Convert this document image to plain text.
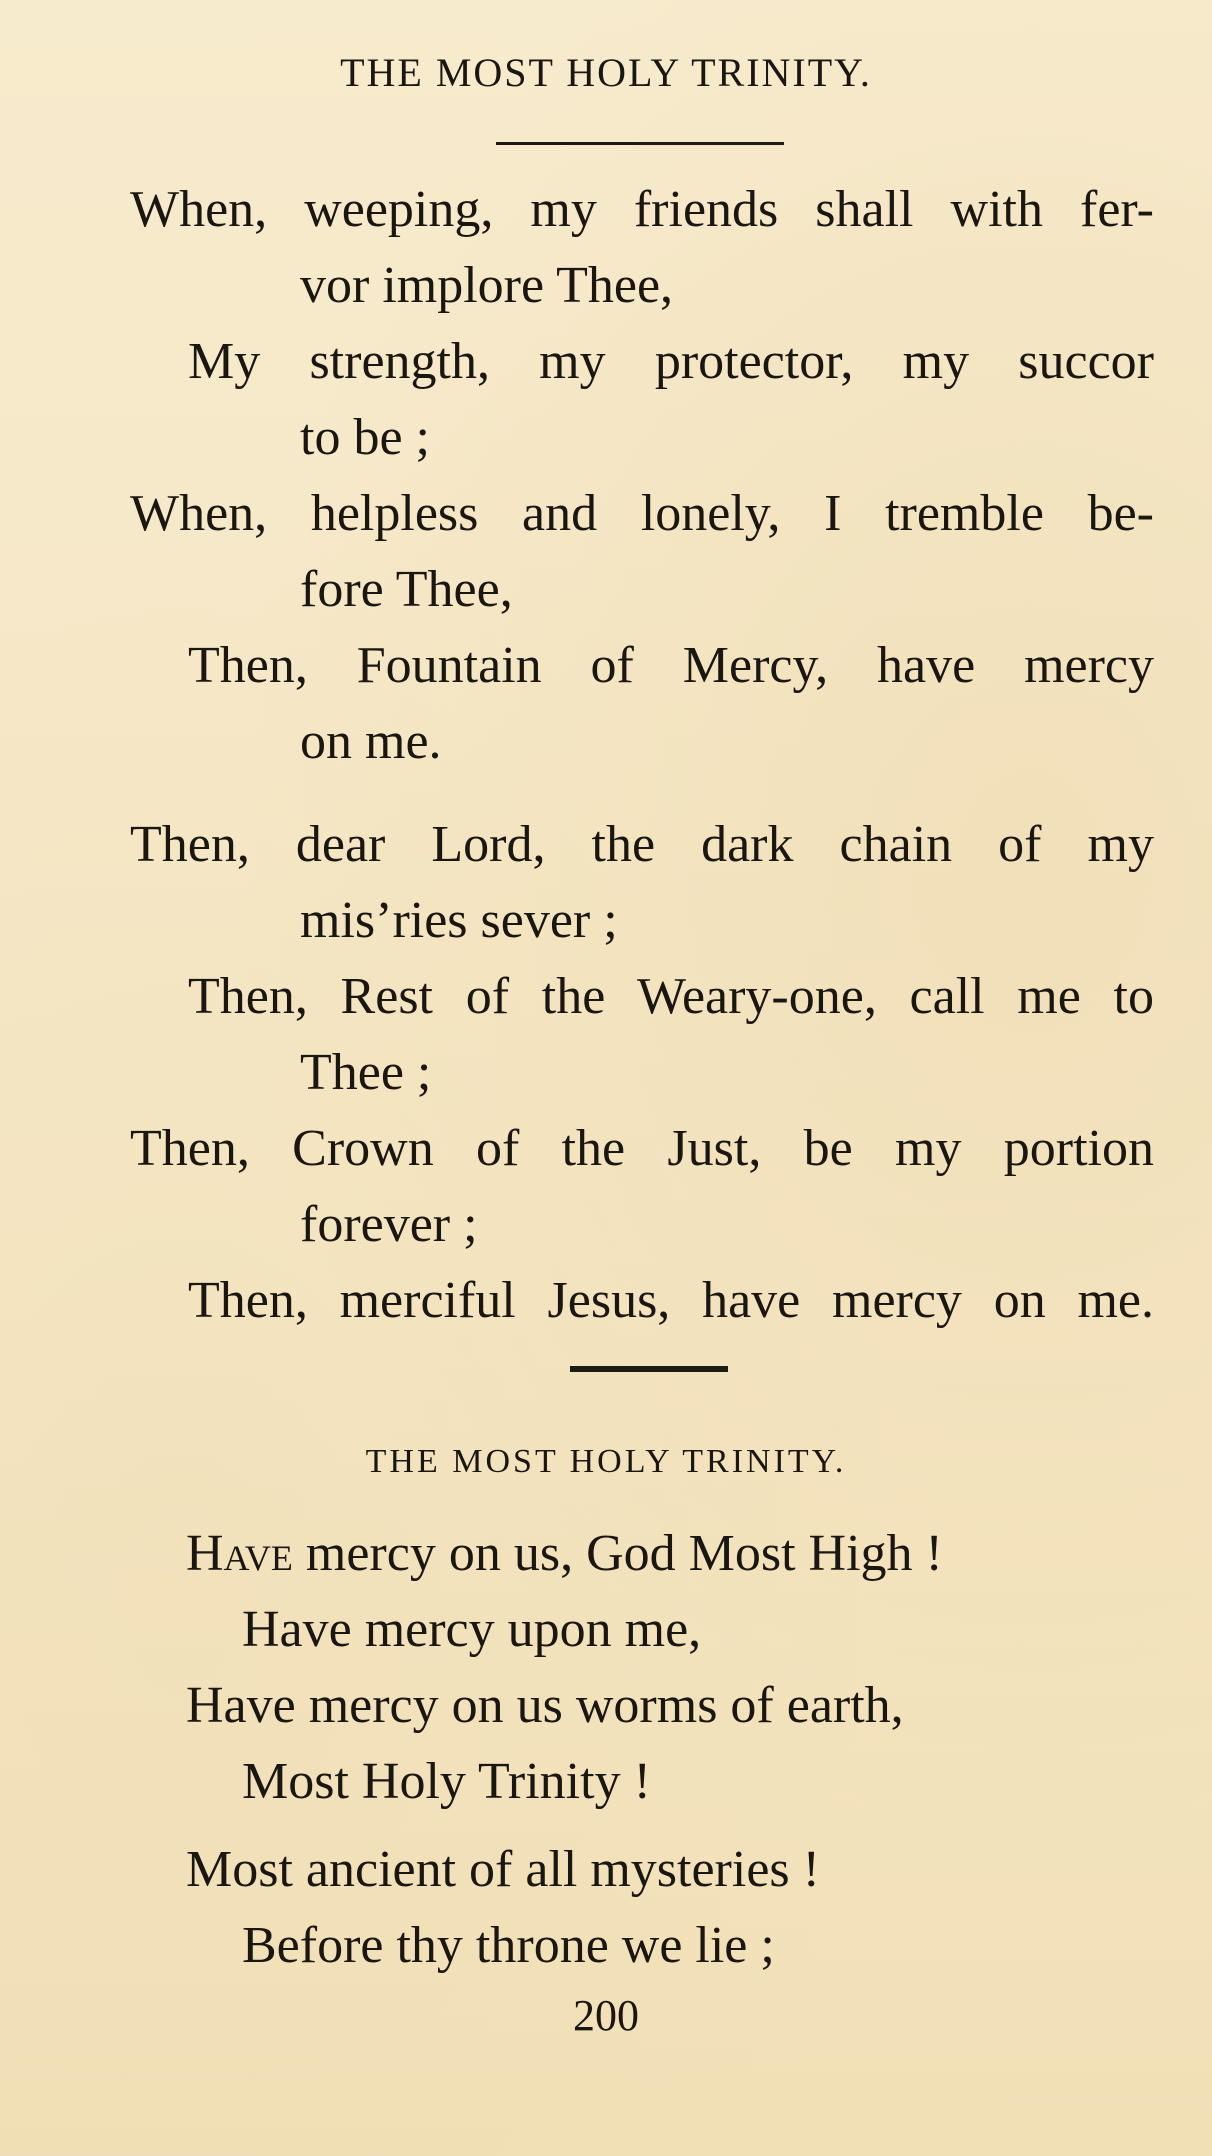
THE MOST HOLY TRINITY.
When, weeping, my friends shall with fer-
vor implore Thee,
My strength, my protector, my succor
to be ;
When, helpless and lonely, I tremble be-
fore Thee,
Then, Fountain of Mercy, have mercy
on me.
Then, dear Lord, the dark chain of my
mis’ries sever ;
Then, Rest of the Weary-one, call me to
Thee ;
Then, Crown of the Just, be my portion
forever ;
Then, merciful Jesus, have mercy on me.
THE MOST HOLY TRINITY.
Have mercy on us, God Most High !
Have mercy upon me,
Have mercy on us worms of earth,
Most Holy Trinity !
Most ancient of all mysteries !
Before thy throne we lie ;
200
